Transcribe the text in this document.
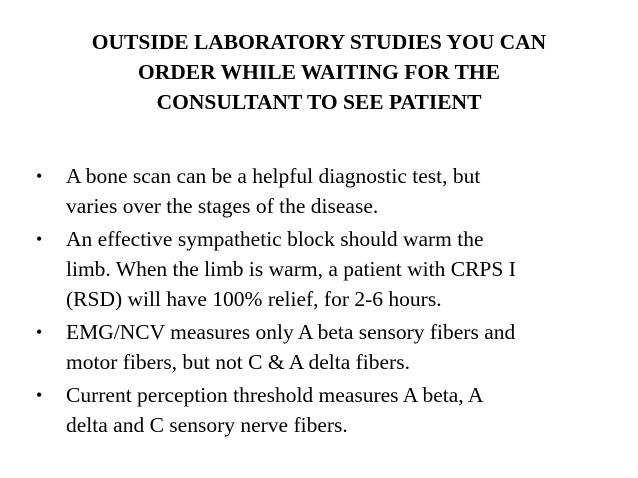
OUTSIDE LABORATORY STUDIES YOU CAN
ORDER WHILE WAITING FOR THE
CONSULTANT TO SEE PATIENT
•	A bone scan can be a helpful diagnostic test, but
varies over the stages of the disease.
•	An effective sympathetic block should warm the
limb. When the limb is warm, a patient with CRPS I
(RSD) will have 100% relief, for 2-6 hours.
•	EMG/NCV measures only A beta sensory fibers and
motor fibers, but not C & A delta fibers.
•	Current perception threshold measures A beta, A
delta and C sensory nerve fibers.
